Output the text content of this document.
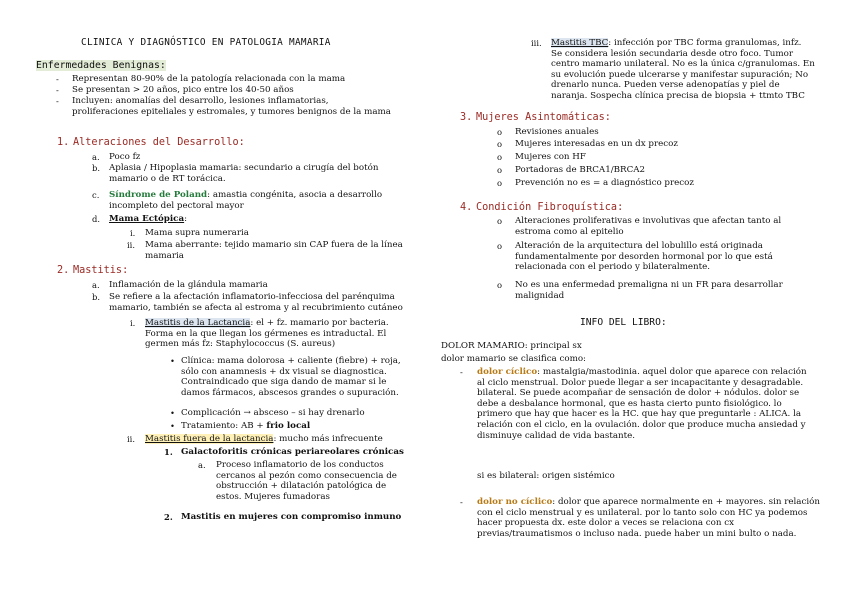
CLINICA Y DIAGNÓSTICO EN PATOLOGIA MAMARIA
Enfermedades Benignas:
- Representan 80-90% de la patología relacionada con la mama
- Se presentan > 20 años, pico entre los 40-50 años
- Incluyen: anomalías del desarrollo, lesiones inflamatorias, proliferaciones epiteliales y estromales, y tumores benignos de la mama
1. Alteraciones del Desarrollo:
a. Poco fz
b. Aplasia / Hipoplasia mamaria: secundario a cirugía del botón mamario o de RT torácica.
c. Síndrome de Poland: amastia congénita, asocia a desarrollo incompleto del pectoral mayor
d. Mama Ectópica:
i. Mama supra numeraria
ii. Mama aberrante: tejido mamario sin CAP fuera de la línea mamaria
2. Mastitis:
a. Inflamación de la glándula mamaria
b. Se refiere a la afectación inflamatorio-infecciosa del parénquima mamario, también se afecta al estroma y al recubrimiento cutáneo
i. Mastitis de la Lactancia: el + fz. mamario por bacteria. Forma en la que llegan los gérmenes es intraductal. El germen más fz: Staphylococcus (S. aureus)
• Clínica: mama dolorosa + caliente (fiebre) + roja, sólo con anamnesis + dx visual se diagnostica. Contraindicado que siga dando de mamar si le damos fármacos, abscesos grandes o supuración.
• Complicación → absceso – si hay drenarlo
• Tratamiento: AB + frio local
ii. Mastitis fuera de la lactancia: mucho más infrecuente
1. Galactoforitis crónicas periareolares crónicas
a. Proceso inflamatorio de los conductos cercanos al pezón como consecuencia de obstrucción + dilatación patológica de estos. Mujeres fumadoras
2. Mastitis en mujeres con compromiso inmuno
iii. Mastitis TBC: infección por TBC forma granulomas, infz. Se considera lesión secundaria desde otro foco. Tumor centro mamario unilateral. No es la única c/granulomas. En su evolución puede ulcerarse y manifestar supuración; No drenarlo nunca. Pueden verse adenopatías y piel de naranja. Sospecha clínica precisa de biopsia + ttmto TBC
3. Mujeres Asintomáticas:
o Revisiones anuales
o Mujeres interesadas en un dx precoz
o Mujeres con HF
o Portadoras de BRCA1/BRCA2
o Prevención no es = a diagnóstico precoz
4. Condición Fibroquística:
o Alteraciones proliferativas e involutivas que afectan tanto al estroma como al epitelio
o Alteración de la arquitectura del lobulillo está originada fundamentalmente por desorden hormonal por lo que está relacionada con el periodo y bilateralmente.
o No es una enfermedad premaligna ni un FR para desarrollar malignidad
INFO DEL LIBRO:
DOLOR MAMARIO: principal sx
dolor mamario se clasifica como:
- dolor cíclico: mastalgia/mastodinia. aquel dolor que aparece con relación al ciclo menstrual. Dolor puede llegar a ser incapacitante y desagradable. bilateral. Se puede acompañar de sensación de dolor + nódulos. dolor se debe a desbalance hormonal, que es hasta cierto punto fisiológico. lo primero que hay que hacer es la HC. que hay que preguntarle : ALICA. la relación con el ciclo, en la ovulación. dolor que produce mucha ansiedad y disminuye calidad de vida bastante.
si es bilateral: origen sistémico
- dolor no cíclico: dolor que aparece normalmente en + mayores. sin relación con el ciclo menstrual y es unilateral. por lo tanto solo con HC ya podemos hacer propuesta dx. este dolor a veces se relaciona con cx previas/traumatismos o incluso nada. puede haber un mini bulto o nada.
